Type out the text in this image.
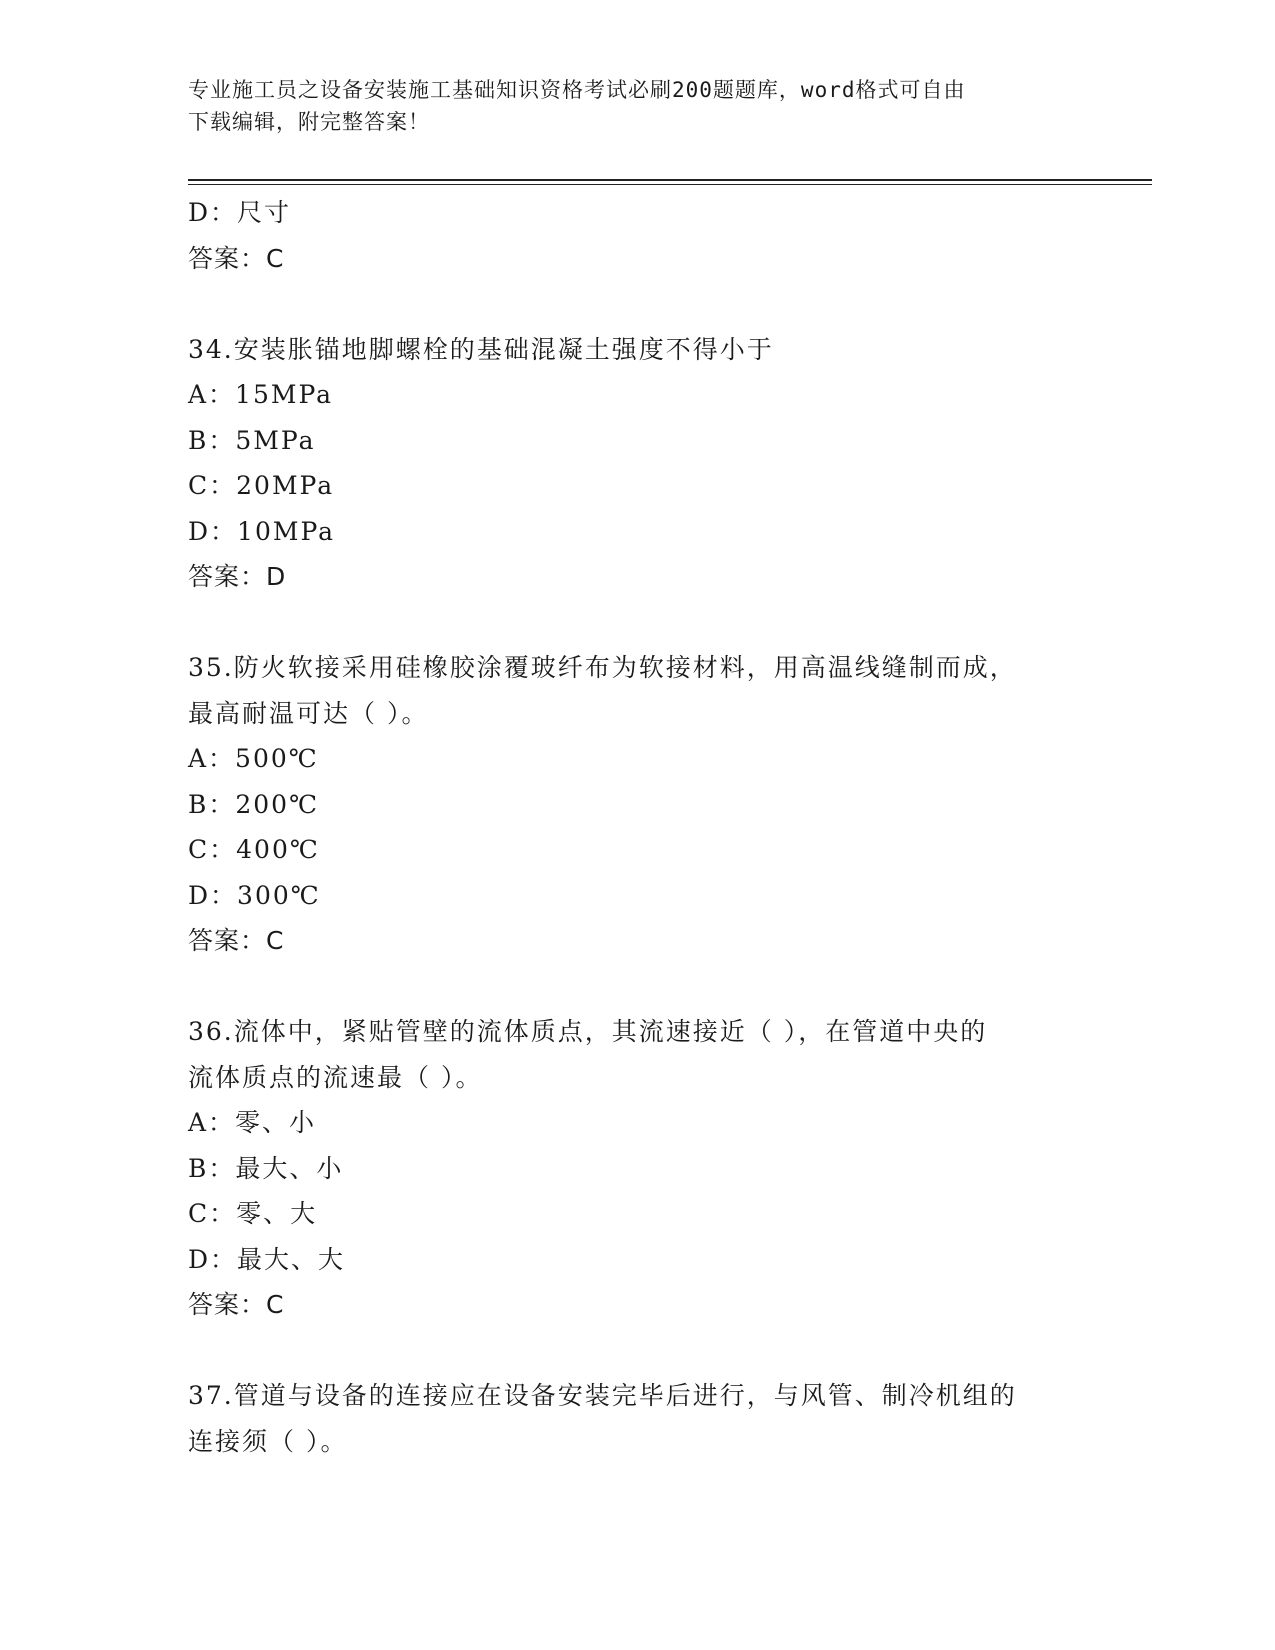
专业施工员之设备安装施工基础知识资格考试必刷200题题库，word格式可自由
下载编辑，附完整答案！
D：尺寸
答案：C
34.安装胀锚地脚螺栓的基础混凝土强度不得小于
A：15MPa
B：5MPa
C：20MPa
D：10MPa
答案：D
35.防火软接采用硅橡胶涂覆玻纤布为软接材料，用高温线缝制而成，
最高耐温可达（ ）。
A：500℃
B：200℃
C：400℃
D：300℃
答案：C
36.流体中，紧贴管壁的流体质点，其流速接近（ ），在管道中央的
流体质点的流速最（ ）。
A：零、小
B：最大、小
C：零、大
D：最大、大
答案：C
37.管道与设备的连接应在设备安装完毕后进行，与风管、制冷机组的
连接须（ ）。
